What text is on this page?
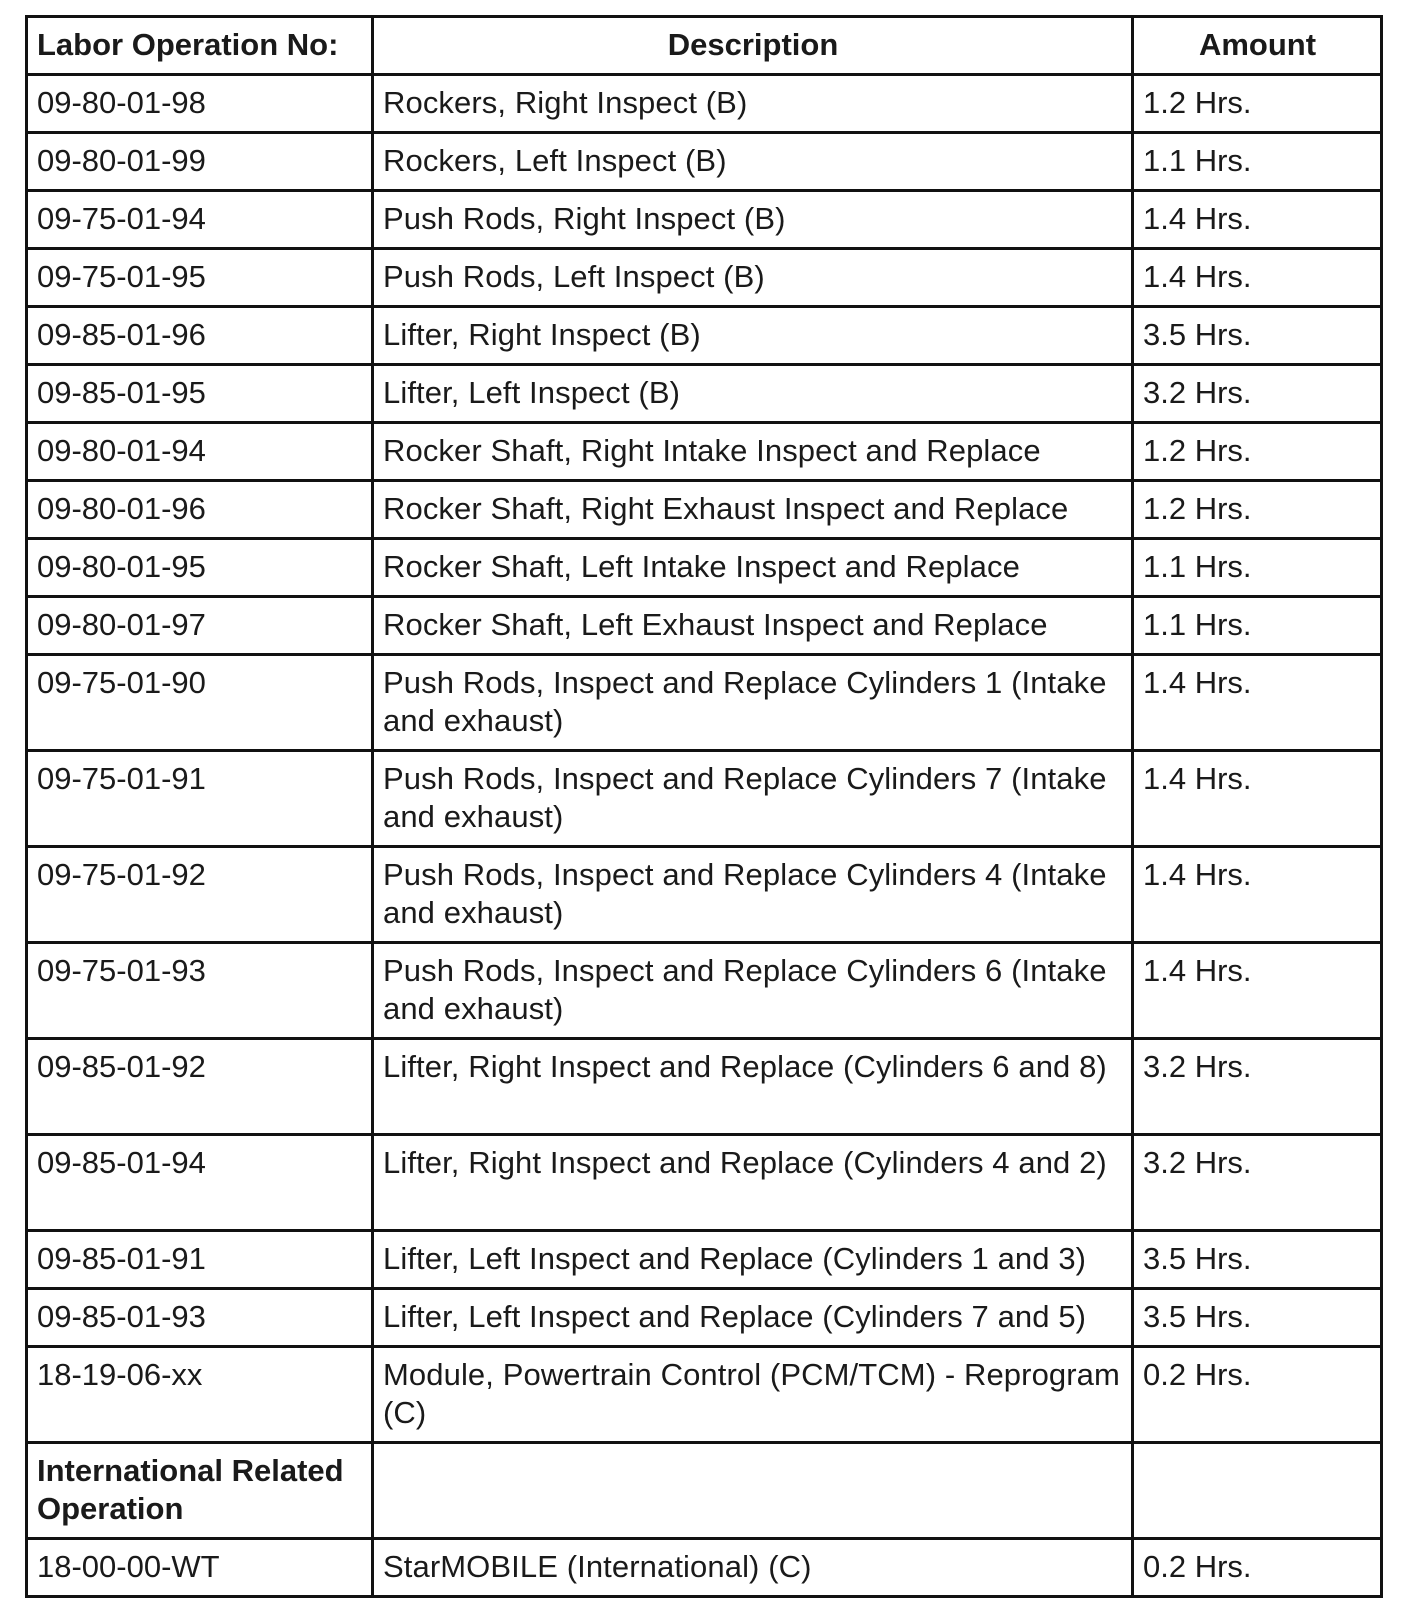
Labor Operation No:	Description	Amount
09-80-01-98	Rockers, Right Inspect (B)	1.2 Hrs.
09-80-01-99	Rockers, Left Inspect (B)	1.1 Hrs.
09-75-01-94	Push Rods, Right Inspect (B)	1.4 Hrs.
09-75-01-95	Push Rods, Left Inspect (B)	1.4 Hrs.
09-85-01-96	Lifter, Right Inspect (B)	3.5 Hrs.
09-85-01-95	Lifter, Left Inspect (B)	3.2 Hrs.
09-80-01-94	Rocker Shaft, Right Intake Inspect and Replace	1.2 Hrs.
09-80-01-96	Rocker Shaft, Right Exhaust Inspect and Replace	1.2 Hrs.
09-80-01-95	Rocker Shaft, Left Intake Inspect and Replace	1.1 Hrs.
09-80-01-97	Rocker Shaft, Left Exhaust Inspect and Replace	1.1 Hrs.
09-75-01-90	Push Rods, Inspect and Replace Cylinders 1 (Intake and exhaust)	1.4 Hrs.
09-75-01-91	Push Rods, Inspect and Replace Cylinders 7 (Intake and exhaust)	1.4 Hrs.
09-75-01-92	Push Rods, Inspect and Replace Cylinders 4 (Intake and exhaust)	1.4 Hrs.
09-75-01-93	Push Rods, Inspect and Replace Cylinders 6 (Intake and exhaust)	1.4 Hrs.
09-85-01-92	Lifter, Right Inspect and Replace (Cylinders 6 and 8)	3.2 Hrs.
09-85-01-94	Lifter, Right Inspect and Replace (Cylinders 4 and 2)	3.2 Hrs.
09-85-01-91	Lifter, Left Inspect and Replace (Cylinders 1 and 3)	3.5 Hrs.
09-85-01-93	Lifter, Left Inspect and Replace (Cylinders 7 and 5)	3.5 Hrs.
18-19-06-xx	Module, Powertrain Control (PCM/TCM) - Reprogram (C)	0.2 Hrs.
International Related Operation		
18-00-00-WT	StarMOBILE (International) (C)	0.2 Hrs.
